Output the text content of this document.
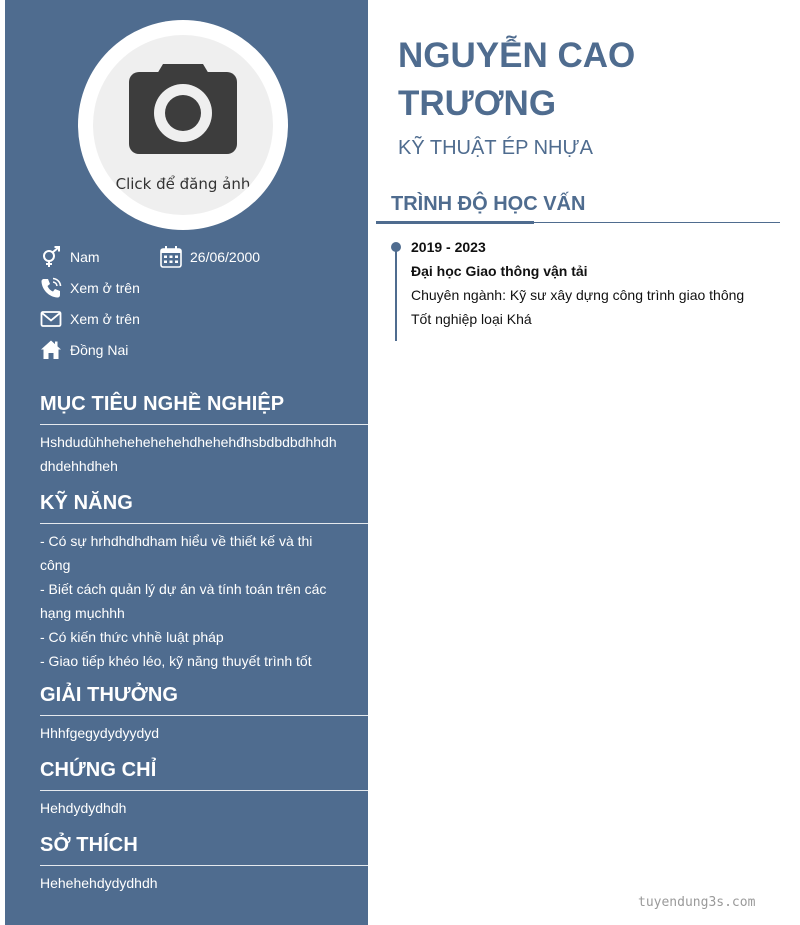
Click để đăng ảnh
Nam	26/06/2000
Xem ở trên
Xem ở trên
Đồng Nai
MỤC TIÊU NGHỀ NGHIỆP
Hshdudùhhehehehehehdhehehđhsbdbdbdhhdh
dhdehhdheh
KỸ NĂNG
- Có sự hrhdhdhdham hiểu về thiết kế và thi
công
- Biết cách quản lý dự án và tính toán trên các
hạng mụchhh
- Có kiến thức vhhề luật pháp
- Giao tiếp khéo léo, kỹ năng thuyết trình tốt
GIẢI THƯỞNG
Hhhfgegydydyydyd
CHỨNG CHỈ
Hehdydydhdh
SỞ THÍCH
Hehehehdydydhdh
NGUYỄN CAO
TRƯƠNG
KỸ THUẬT ÉP NHỰA
TRÌNH ĐỘ HỌC VẤN
2019 - 2023
Đại học Giao thông vận tải
Chuyên ngành: Kỹ sư xây dựng công trình giao thông
Tốt nghiệp loại Khá
tuyendung3s.com
